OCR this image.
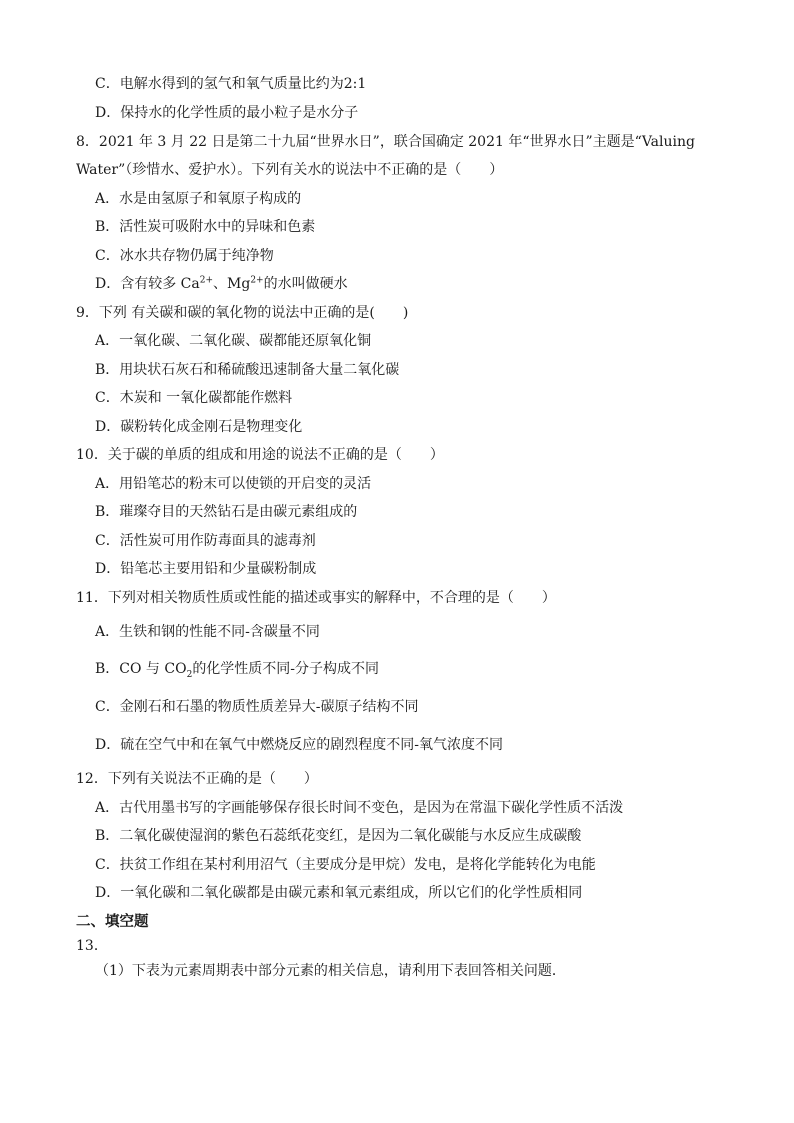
C．电解水得到的氢气和氧气质量比约为2:1
D．保持水的化学性质的最小粒子是水分子
8．2021 年 3 月 22 日是第二十九届“世界水日”，联合国确定 2021 年“世界水日”主题是“Valuing
Water”（珍惜水、爱护水）。下列有关水的说法中不正确的是（　　）
A．水是由氢原子和氧原子构成的
B．活性炭可吸附水中的异味和色素
C．冰水共存物仍属于纯净物
D．含有较多 $Ca^{2+}$、$Mg^{2+}$的水叫做硬水
9．下列 有关碳和碳的氧化物的说法中正确的是(　　)
A．一氧化碳、二氧化碳、碳都能还原氧化铜
B．用块状石灰石和稀硫酸迅速制备大量二氧化碳
C．木炭和 一氧化碳都能作燃料
D．碳粉转化成金刚石是物理变化
10．关于碳的单质的组成和用途的说法不正确的是（　　）
A．用铅笔芯的粉末可以使锁的开启变的灵活
B．璀璨夺目的天然钻石是由碳元素组成的
C．活性炭可用作防毒面具的滤毒剂
D．铅笔芯主要用铅和少量碳粉制成
11．下列对相关物质性质或性能的描述或事实的解释中，不合理的是（　　）
A．生铁和钢的性能不同-含碳量不同
B．CO 与 $CO_2$的化学性质不同-分子构成不同
C．金刚石和石墨的物质性质差异大-碳原子结构不同
D．硫在空气中和在氧气中燃烧反应的剧烈程度不同-氧气浓度不同
12．下列有关说法不正确的是（　　）
A．古代用墨书写的字画能够保存很长时间不变色，是因为在常温下碳化学性质不活泼
B．二氧化碳使湿润的紫色石蕊纸花变红，是因为二氧化碳能与水反应生成碳酸
C．扶贫工作组在某村利用沼气（主要成分是甲烷）发电，是将化学能转化为电能
D．一氧化碳和二氧化碳都是由碳元素和氧元素组成，所以它们的化学性质相同
二、填空题
13．
（1）下表为元素周期表中部分元素的相关信息，请利用下表回答相关问题．
